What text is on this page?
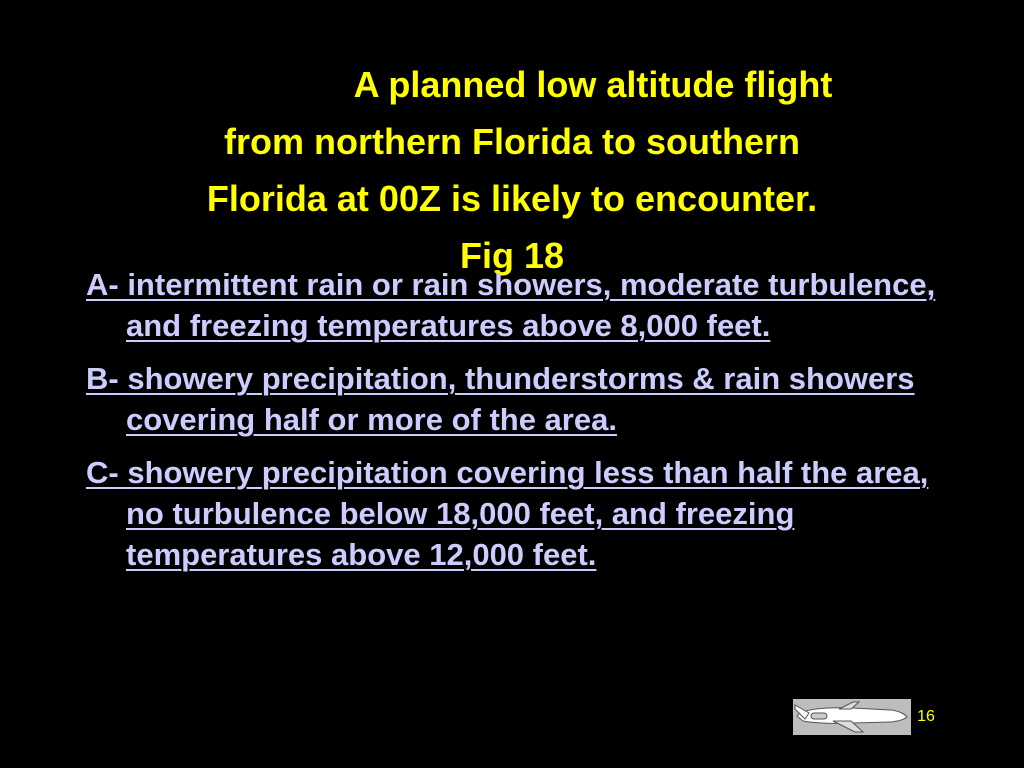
A planned low altitude flight
from northern Florida to southern
Florida at 00Z is likely to encounter.
Fig 18
A- intermittent rain or rain showers, moderate turbulence, and freezing temperatures above 8,000 feet.
B- showery precipitation, thunderstorms & rain showers covering half or more of the area.
C- showery precipitation covering less than half the area, no turbulence below 18,000 feet, and freezing temperatures above 12,000 feet.
16
